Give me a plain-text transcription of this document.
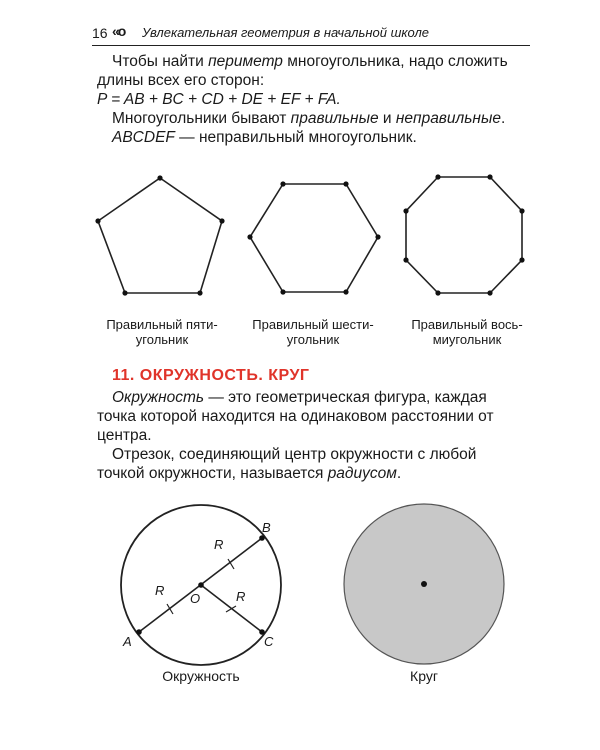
16 «o Увлекательная геометрия в начальной школе
Чтобы найти периметр многоугольника, надо сложить
длины всех его сторон:
P = AB + BC + CD + DE + EF + FA.
Многоугольники бывают правильные и неправильные.
ABCDEF — неправильный многоугольник.
Правильный пяти-
угольник
Правильный шести-
угольник
Правильный вось-
миугольник
11. ОКРУЖНОСТЬ. КРУГ
Окружность — это геометрическая фигура, каждая
точка которой находится на одинаковом расстоянии от
центра.
Отрезок, соединяющий центр окружности с любой
точкой окружности, называется радиусом.
B
A	C
O
R
R	R
Окружность	Круг
